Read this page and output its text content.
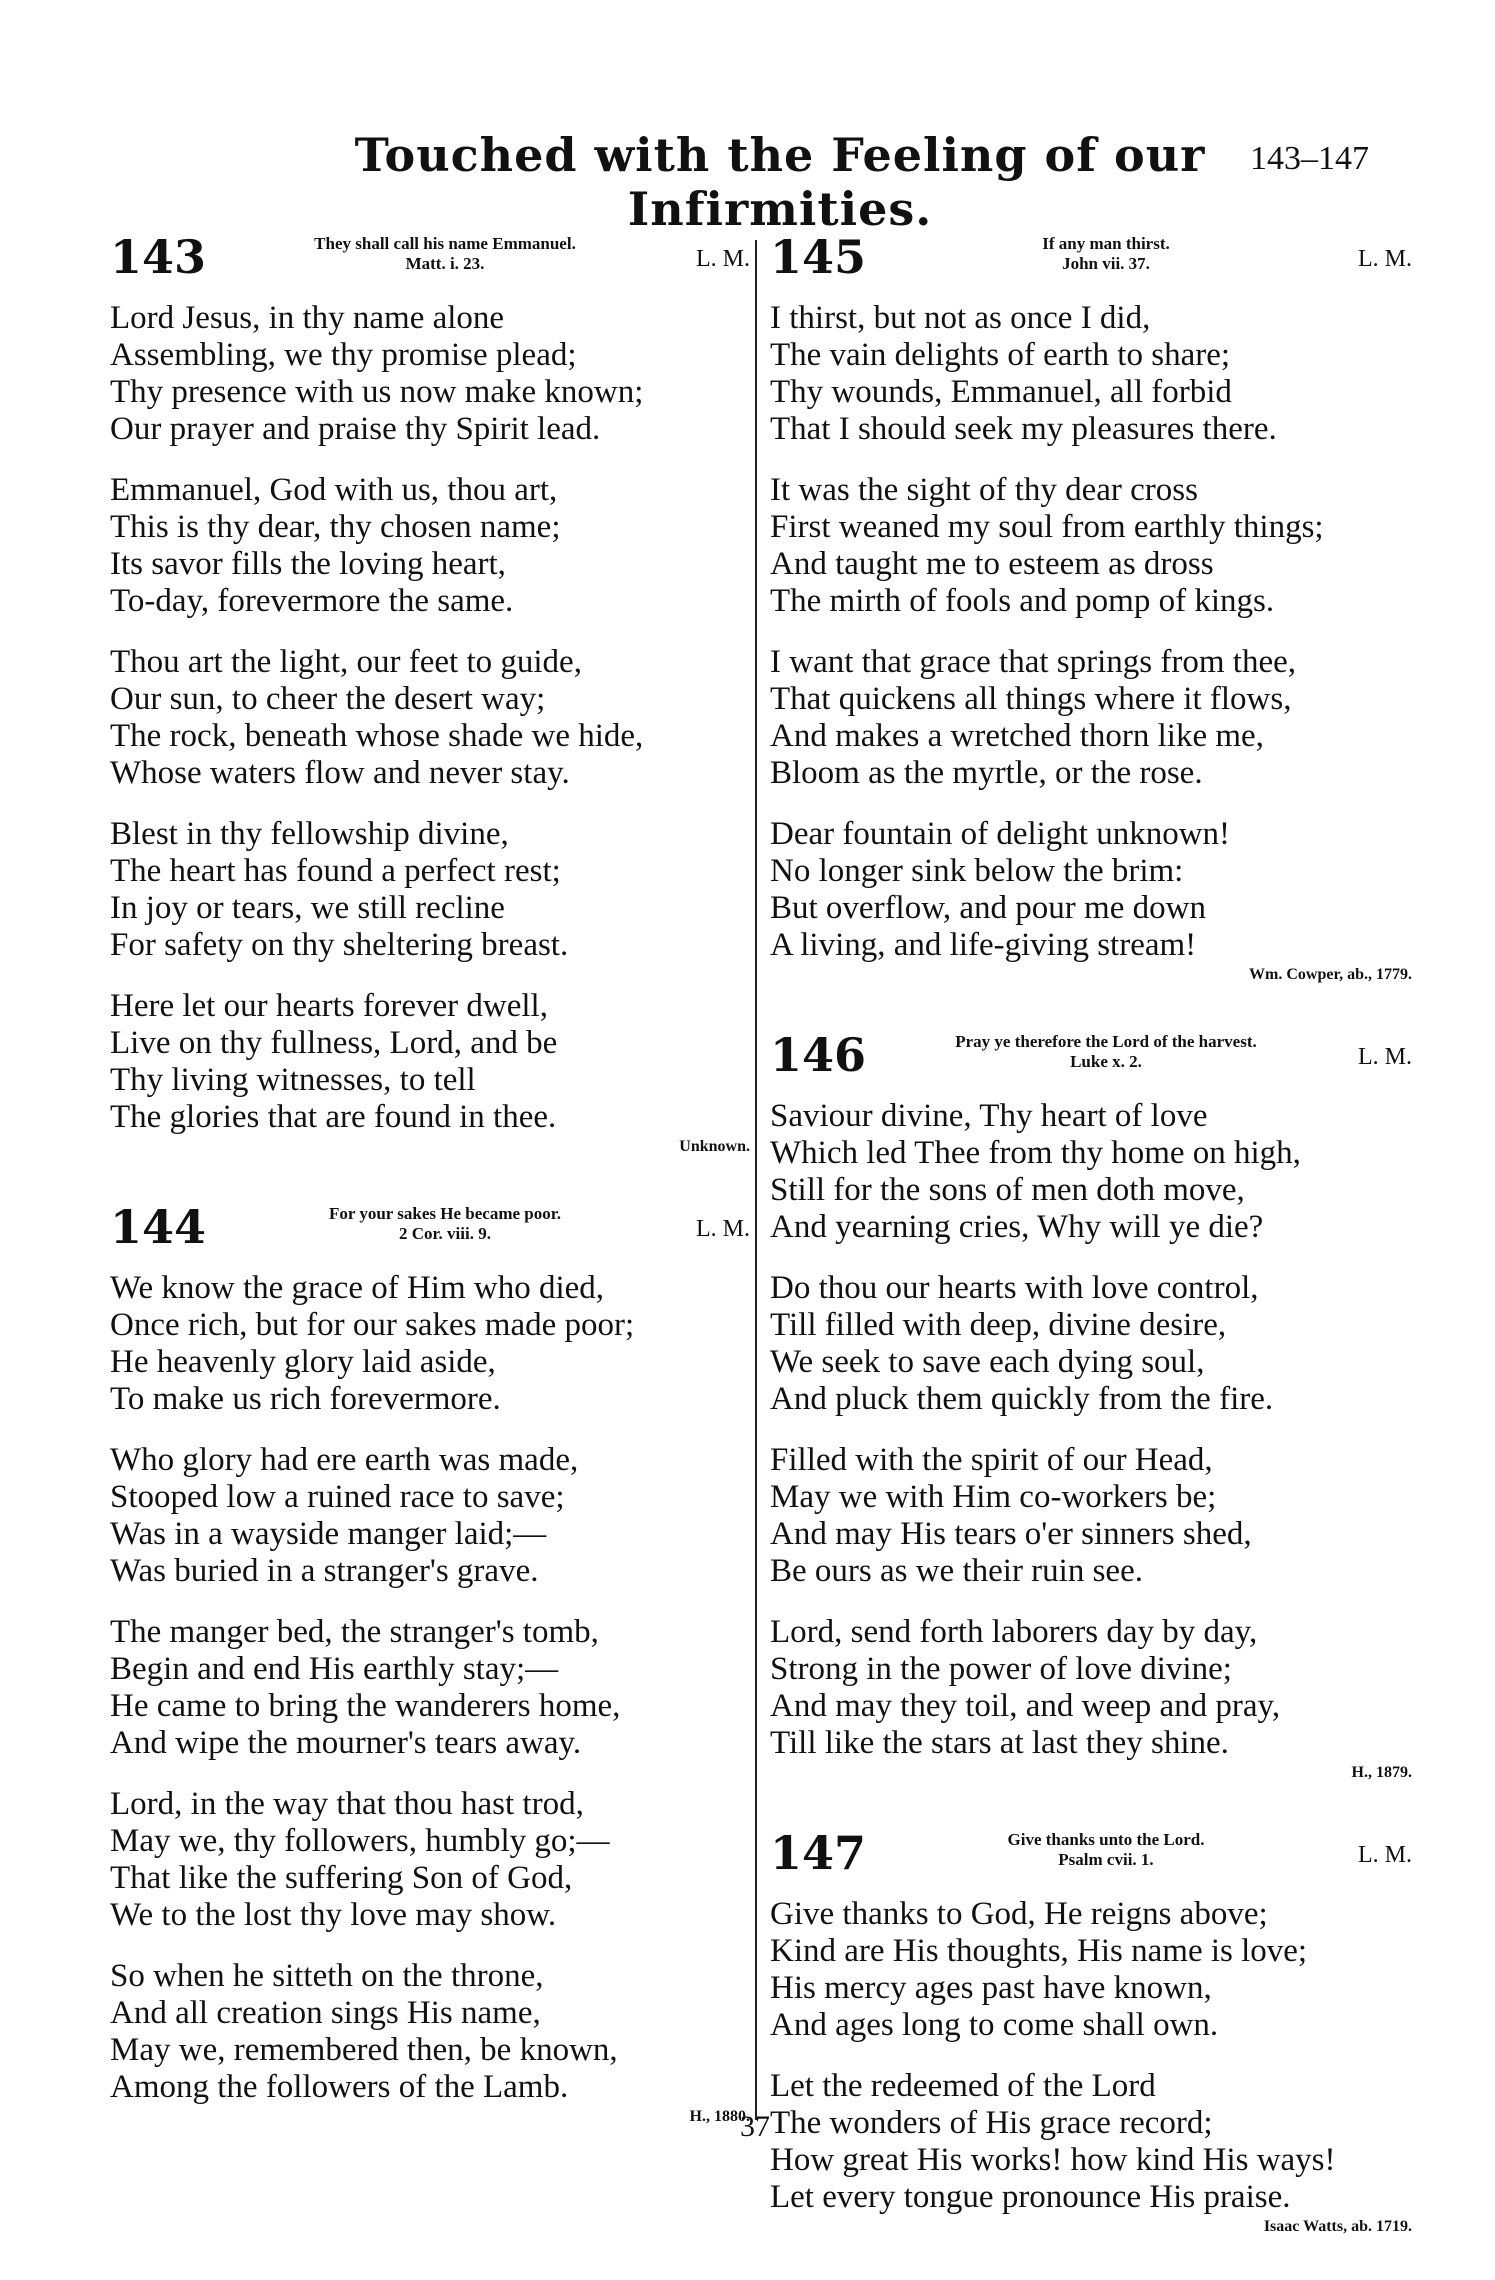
Touched with the Feeling of our Infirmities.
143–147
143	They shall call his name Emmanuel.
Matt. i. 23.	L. M.
Lord Jesus, in thy name alone
Assembling, we thy promise plead;
Thy presence with us now make known;
Our prayer and praise thy Spirit lead.
Emmanuel, God with us, thou art,
This is thy dear, thy chosen name;
Its savor fills the loving heart,
To-day, forevermore the same.
Thou art the light, our feet to guide,
Our sun, to cheer the desert way;
The rock, beneath whose shade we hide,
Whose waters flow and never stay.
Blest in thy fellowship divine,
The heart has found a perfect rest;
In joy or tears, we still recline
For safety on thy sheltering breast.
Here let our hearts forever dwell,
Live on thy fullness, Lord, and be
Thy living witnesses, to tell
The glories that are found in thee.
Unknown.
144	For your sakes He became poor.
2 Cor. viii. 9.	L. M.
We know the grace of Him who died,
Once rich, but for our sakes made poor;
He heavenly glory laid aside,
To make us rich forevermore.
Who glory had ere earth was made,
Stooped low a ruined race to save;
Was in a wayside manger laid;—
Was buried in a stranger's grave.
The manger bed, the stranger's tomb,
Begin and end His earthly stay;—
He came to bring the wanderers home,
And wipe the mourner's tears away.
Lord, in the way that thou hast trod,
May we, thy followers, humbly go;—
That like the suffering Son of God,
We to the lost thy love may show.
So when he sitteth on the throne,
And all creation sings His name,
May we, remembered then, be known,
Among the followers of the Lamb.
H., 1880.
145	If any man thirst.
John vii. 37.	L. M.
I thirst, but not as once I did,
The vain delights of earth to share;
Thy wounds, Emmanuel, all forbid
That I should seek my pleasures there.
It was the sight of thy dear cross
First weaned my soul from earthly things;
And taught me to esteem as dross
The mirth of fools and pomp of kings.
I want that grace that springs from thee,
That quickens all things where it flows,
And makes a wretched thorn like me,
Bloom as the myrtle, or the rose.
Dear fountain of delight unknown!
No longer sink below the brim:
But overflow, and pour me down
A living, and life-giving stream!
Wm. Cowper, ab., 1779.
146	Pray ye therefore the Lord of the harvest.
Luke x. 2.	L. M.
Saviour divine, Thy heart of love
Which led Thee from thy home on high,
Still for the sons of men doth move,
And yearning cries, Why will ye die?
Do thou our hearts with love control,
Till filled with deep, divine desire,
We seek to save each dying soul,
And pluck them quickly from the fire.
Filled with the spirit of our Head,
May we with Him co-workers be;
And may His tears o'er sinners shed,
Be ours as we their ruin see.
Lord, send forth laborers day by day,
Strong in the power of love divine;
And may they toil, and weep and pray,
Till like the stars at last they shine.
H., 1879.
147	Give thanks unto the Lord.
Psalm cvii. 1.	L. M.
Give thanks to God, He reigns above;
Kind are His thoughts, His name is love;
His mercy ages past have known,
And ages long to come shall own.
Let the redeemed of the Lord
The wonders of His grace record;
How great His works! how kind His ways!
Let every tongue pronounce His praise.
Isaac Watts, ab. 1719.
37
